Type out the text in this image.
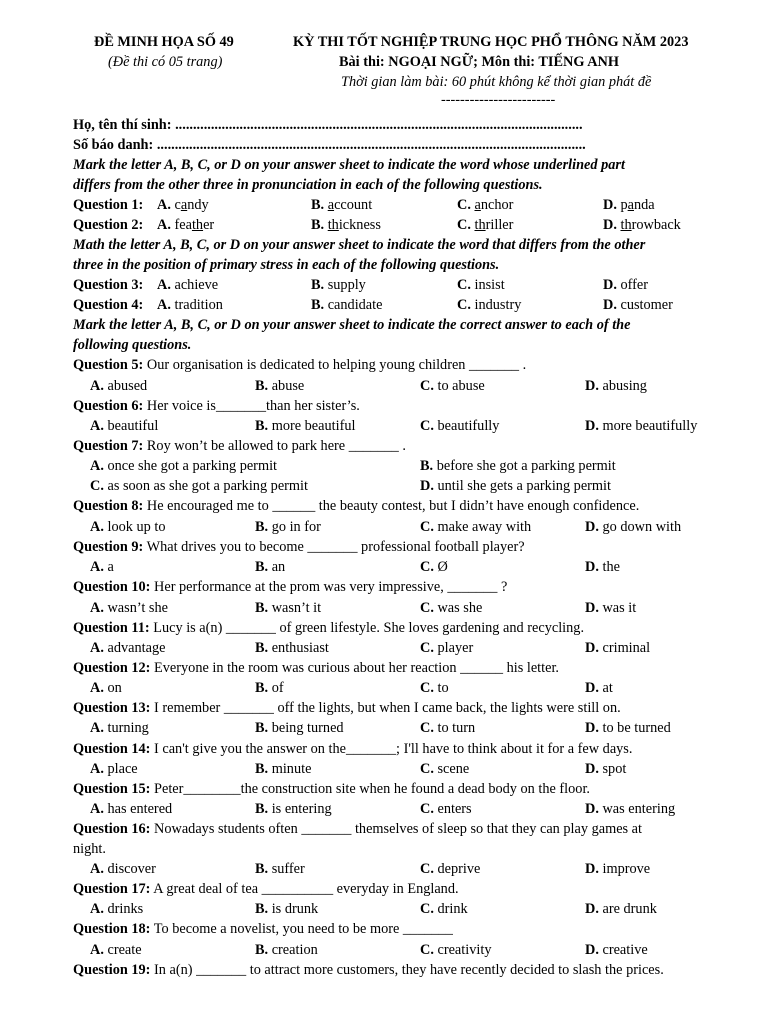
ĐỀ MINH HỌA SỐ 49
(Đề thi có 05 trang)
KỲ THI TỐT NGHIỆP TRUNG HỌC PHỔ THÔNG NĂM 2023
Bài thi: NGOẠI NGỮ; Môn thi: TIẾNG ANH
Thời gian làm bài: 60 phút không kể thời gian phát đề
------------------------
Họ, tên thí sinh: ..................................................................................................................
Số báo danh: ........................................................................................................................
Mark the letter A, B, C, or D on your answer sheet to indicate the word whose underlined part
differs from the other three in pronunciation in each of the following questions.
Question 1: A. candy	B. account	C. anchor	D. panda
Question 2: A. feather	B. thickness	C. thriller	D. throwback
Math the letter A, B, C, or D on your answer sheet to indicate the word that differs from the other
three in the position of primary stress in each of the following questions.
Question 3: A. achieve	B. supply	C. insist	D. offer
Question 4: A. tradition	B. candidate	C. industry	D. customer
Mark the letter A, B, C, or D on your answer sheet to indicate the correct answer to each of the
following questions.
Question 5: Our organisation is dedicated to helping young children _______ .
A. abused	B. abuse	C. to abuse	D. abusing
Question 6: Her voice is_______than her sister’s.
A. beautiful	B. more beautiful	C. beautifully	D. more beautifully
Question 7: Roy won’t be allowed to park here _______ .
A. once she got a parking permit	B. before she got a parking permit
C. as soon as she got a parking permit	D. until she gets a parking permit
Question 8: He encouraged me to ______ the beauty contest, but I didn’t have enough confidence.
A. look up to	B. go in for	C. make away with	D. go down with
Question 9: What drives you to become _______ professional football player?
A. a	B. an	C. Ø	D. the
Question 10: Her performance at the prom was very impressive, _______ ?
A. wasn’t she	B. wasn’t it	C. was she	D. was it
Question 11: Lucy is a(n) _______ of green lifestyle. She loves gardening and recycling.
A. advantage	B. enthusiast	C. player	D. criminal
Question 12: Everyone in the room was curious about her reaction ______ his letter.
A. on	B. of	C. to	D. at
Question 13: I remember _______ off the lights, but when I came back, the lights were still on.
A. turning	B. being turned	C. to turn	D. to be turned
Question 14: I can't give you the answer on the_______; I'll have to think about it for a few days.
A. place	B. minute	C. scene	D. spot
Question 15: Peter________the construction site when he found a dead body on the floor.
A. has entered	B. is entering	C. enters	D. was entering
Question 16: Nowadays students often _______ themselves of sleep so that they can play games at
night.
A. discover	B. suffer	C. deprive	D. improve
Question 17: A great deal of tea __________ everyday in England.
A. drinks	B. is drunk	C. drink	D. are drunk
Question 18: To become a novelist, you need to be more _______
A. create	B. creation	C. creativity	D. creative
Question 19: In a(n) _______ to attract more customers, they have recently decided to slash the prices.
